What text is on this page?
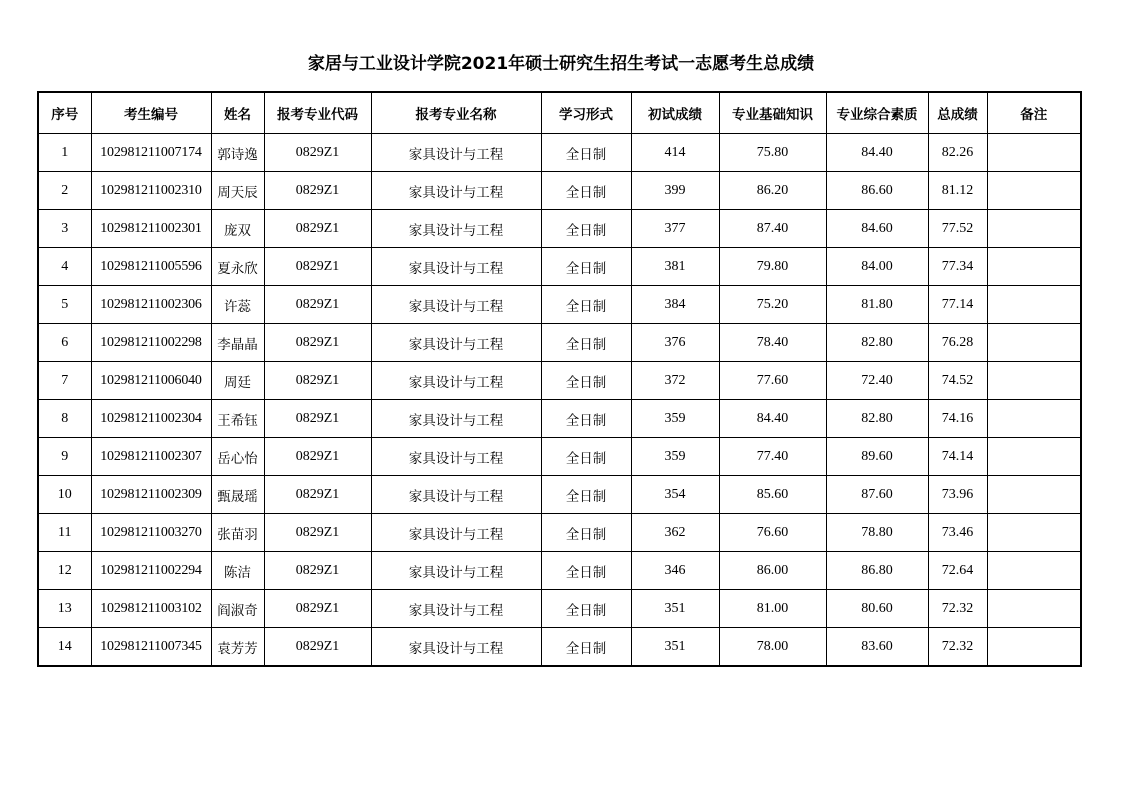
家居与工业设计学院2021年硕士研究生招生考试一志愿考生总成绩
序号	考生编号	姓名	报考专业代码	报考专业名称	学习形式	初试成绩	专业基础知识	专业综合素质	总成绩	备注
1	102981211007174	郭诗逸	0829Z1	家具设计与工程	全日制	414	75.80	84.40	82.26	
2	102981211002310	周天辰	0829Z1	家具设计与工程	全日制	399	86.20	86.60	81.12	
3	102981211002301	庞双	0829Z1	家具设计与工程	全日制	377	87.40	84.60	77.52	
4	102981211005596	夏永欣	0829Z1	家具设计与工程	全日制	381	79.80	84.00	77.34	
5	102981211002306	许蕊	0829Z1	家具设计与工程	全日制	384	75.20	81.80	77.14	
6	102981211002298	李晶晶	0829Z1	家具设计与工程	全日制	376	78.40	82.80	76.28	
7	102981211006040	周廷	0829Z1	家具设计与工程	全日制	372	77.60	72.40	74.52	
8	102981211002304	王希钰	0829Z1	家具设计与工程	全日制	359	84.40	82.80	74.16	
9	102981211002307	岳心怡	0829Z1	家具设计与工程	全日制	359	77.40	89.60	74.14	
10	102981211002309	甄晟瑶	0829Z1	家具设计与工程	全日制	354	85.60	87.60	73.96	
11	102981211003270	张苗羽	0829Z1	家具设计与工程	全日制	362	76.60	78.80	73.46	
12	102981211002294	陈洁	0829Z1	家具设计与工程	全日制	346	86.00	86.80	72.64	
13	102981211003102	阎淑奇	0829Z1	家具设计与工程	全日制	351	81.00	80.60	72.32	
14	102981211007345	袁芳芳	0829Z1	家具设计与工程	全日制	351	78.00	83.60	72.32	
